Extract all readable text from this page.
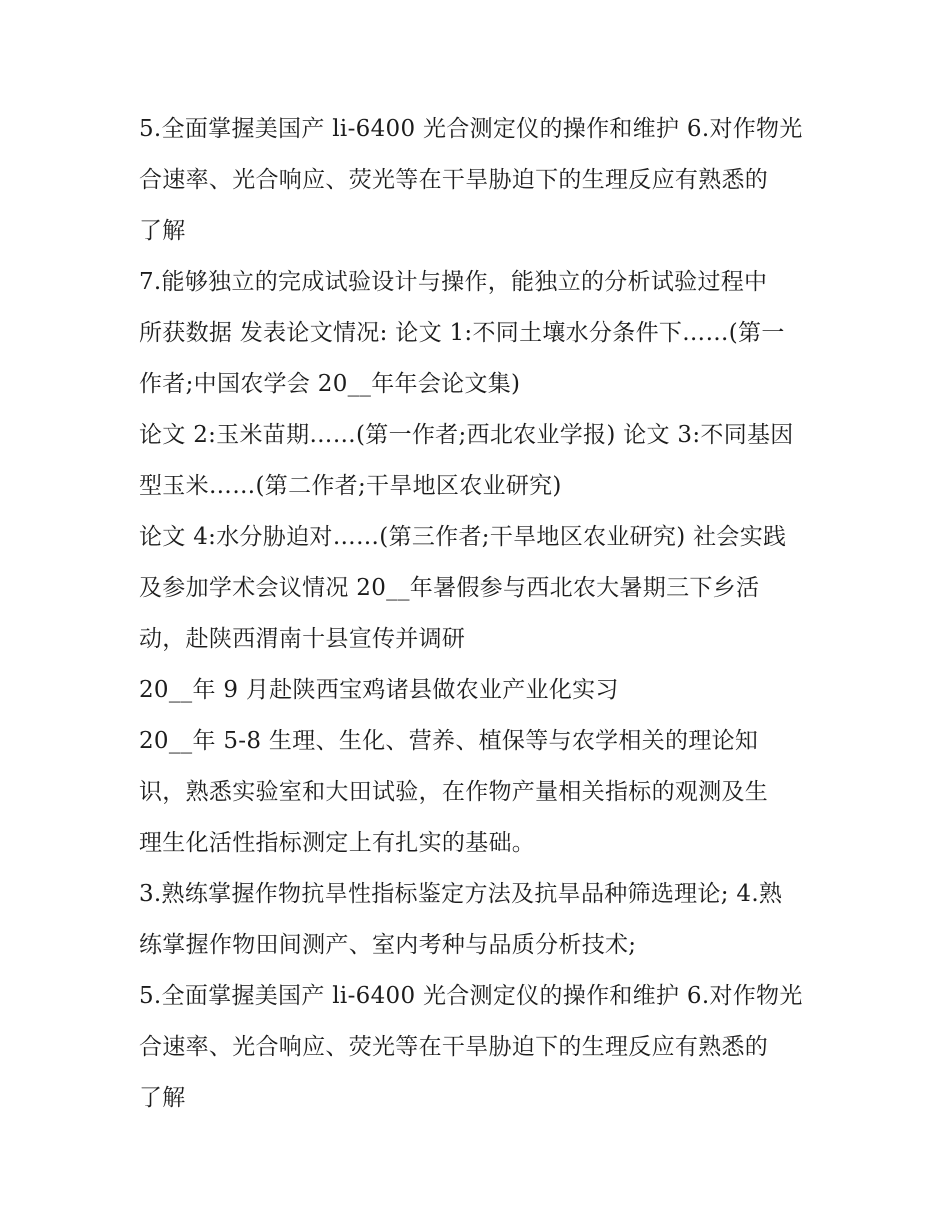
5.全面掌握美国产 li-6400 光合测定仪的操作和维护 6.对作物光
合速率、光合响应、荧光等在干旱胁迫下的生理反应有熟悉的
了解
7.能够独立的完成试验设计与操作，能独立的分析试验过程中
所获数据 发表论文情况: 论文 1:不同土壤水分条件下……(第一
作者;中国农学会 20__年年会论文集)
论文 2:玉米苗期……(第一作者;西北农业学报) 论文 3:不同基因
型玉米……(第二作者;干旱地区农业研究)
论文 4:水分胁迫对……(第三作者;干旱地区农业研究) 社会实践
及参加学术会议情况 20__年暑假参与西北农大暑期三下乡活
动，赴陕西渭南十县宣传并调研
20__年 9 月赴陕西宝鸡诸县做农业产业化实习
20__年 5-8 生理、生化、营养、植保等与农学相关的理论知
识，熟悉实验室和大田试验，在作物产量相关指标的观测及生
理生化活性指标测定上有扎实的基础。
3.熟练掌握作物抗旱性指标鉴定方法及抗旱品种筛选理论; 4.熟
练掌握作物田间测产、室内考种与品质分析技术;
5.全面掌握美国产 li-6400 光合测定仪的操作和维护 6.对作物光
合速率、光合响应、荧光等在干旱胁迫下的生理反应有熟悉的
了解
